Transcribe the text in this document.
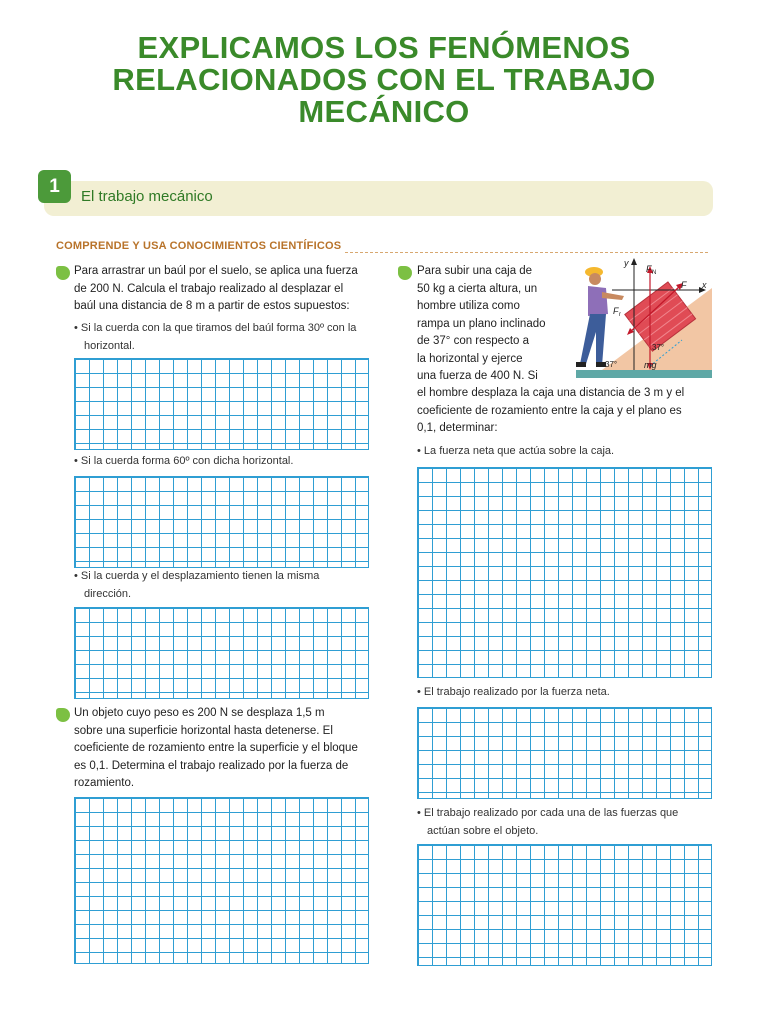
EXPLICAMOS LOS FENÓMENOS
RELACIONADOS CON EL TRABAJO
MECÁNICO
1	El trabajo mecánico
COMPRENDE Y USA CONOCIMIENTOS CIENTÍFICOS
Para arrastrar un baúl por el suelo, se aplica una fuerza
de 200 N. Calcula el trabajo realizado al desplazar el
baúl una distancia de 8 m a partir de estos supuestos:
• Si la cuerda con la que tiramos del baúl forma 30º con la
horizontal.
• Si la cuerda forma 60º con dicha horizontal.
• Si la cuerda y el desplazamiento tienen la misma
dirección.
Un objeto cuyo peso es 200 N se desplaza 1,5 m
sobre una superficie horizontal hasta detenerse. El
coeficiente de rozamiento entre la superficie y el bloque
es 0,1. Determina el trabajo realizado por la fuerza de
rozamiento.
Para subir una caja de
50 kg a cierta altura, un
hombre utiliza como
rampa un plano inclinado
de 37° con respecto a
la horizontal y ejerce
una fuerza de 400 N. Si
el hombre desplaza la caja una distancia de 3 m y el
coeficiente de rozamiento entre la caja y el plano es
0,1, determinar:
y
x
F N
F
F r
37°
37°
mg
• La fuerza neta que actúa sobre la caja.
• El trabajo realizado por la fuerza neta.
• El trabajo realizado por cada una de las fuerzas que
actúan sobre el objeto.
